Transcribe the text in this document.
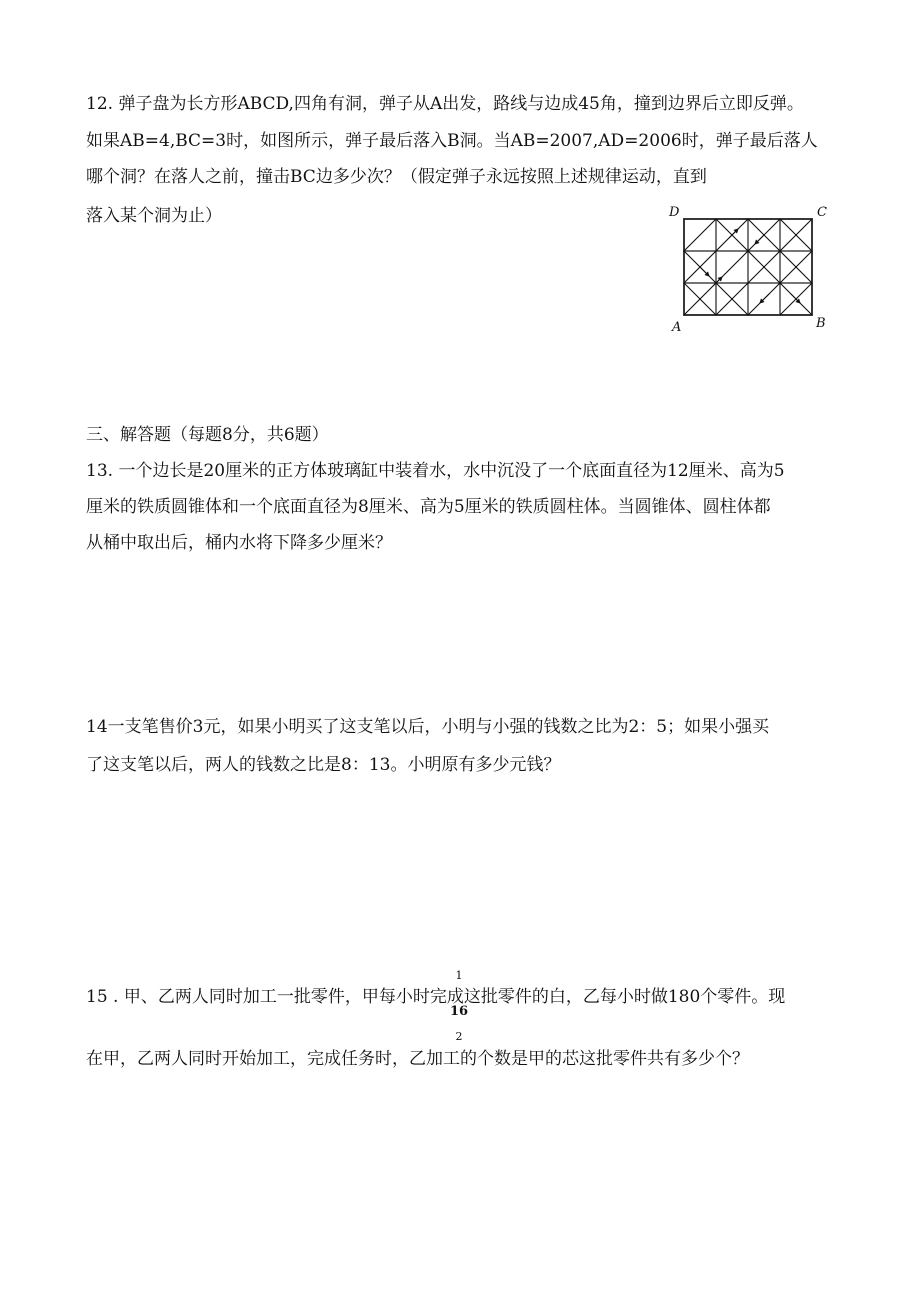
12. 弹子盘为长方形ABCD,四角有洞，弹子从A出发，路线与边成45角，撞到边界后立即反弹。
如果AB=4,BC=3时，如图所示，弹子最后落入B洞。当AB=2007,AD=2006时，弹子最后落人
哪个洞？在落人之前，撞击BC边多少次？（假定弹子永远按照上述规律运动，直到
落入某个洞为止）	D	C
A	B
三、解答题（每题8分，共6题）
13. 一个边长是20厘米的正方体玻璃缸中装着水，水中沉没了一个底面直径为12厘米、高为5
厘米的铁质圆锥体和一个底面直径为8厘米、高为5厘米的铁质圆柱体。当圆锥体、圆柱体都
从桶中取出后，桶内水将下降多少厘米？
14一支笔售价3元，如果小明买了这支笔以后，小明与小强的钱数之比为2：5；如果小强买
了这支笔以后，两人的钱数之比是8：13。小明原有多少元钱？
1
15 . 甲、乙两人同时加工一批零件，甲每小时完成这批零件的白，乙每小时做180个零件。现
16
2
在甲，乙两人同时开始加工，完成任务时，乙加工的个数是甲的芯这批零件共有多少个？
